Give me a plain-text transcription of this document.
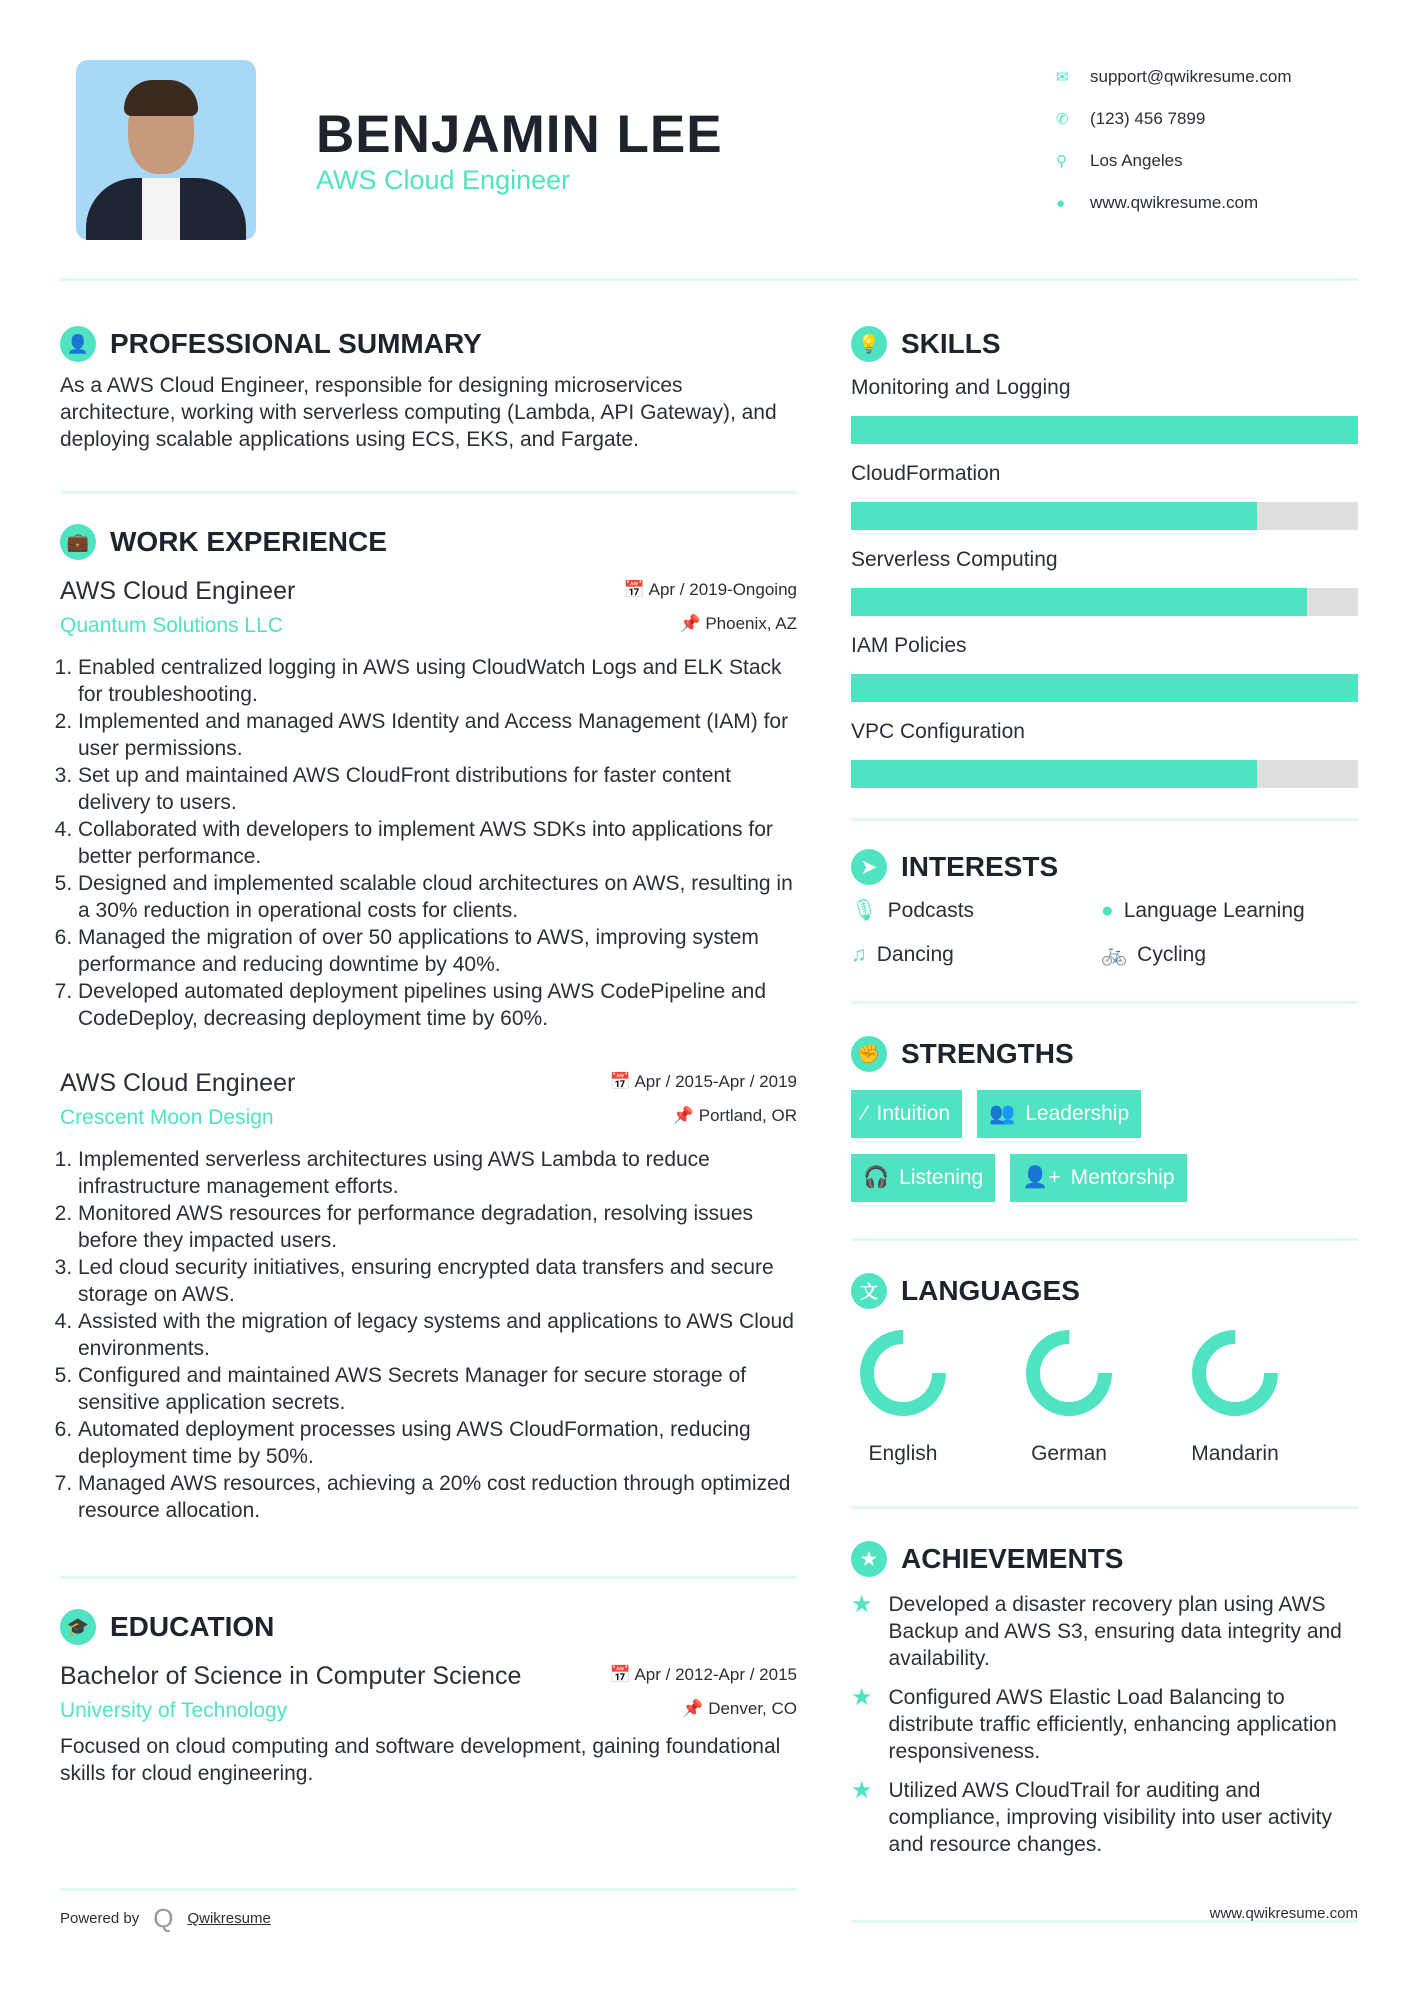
BENJAMIN LEE
AWS Cloud Engineer
✉	support@qwikresume.com
✆	(123) 456 7899
⚲	Los Angeles
●	www.qwikresume.com
👤 PROFESSIONAL SUMMARY

As a AWS Cloud Engineer, responsible for designing microservices architecture, working with serverless computing (Lambda, API Gateway), and deploying scalable applications using ECS, EKS, and Fargate.

💼 WORK EXPERIENCE
AWS Cloud Engineer
Quantum Solutions LLC
📅 Apr / 2019-Ongoing
📌 Phoenix, AZ
1. Enabled centralized logging in AWS using CloudWatch Logs and ELK Stack for troubleshooting.
2. Implemented and managed AWS Identity and Access Management (IAM) for user permissions.
3. Set up and maintained AWS CloudFront distributions for faster content delivery to users.
4. Collaborated with developers to implement AWS SDKs into applications for better performance.
5. Designed and implemented scalable cloud architectures on AWS, resulting in a 30% reduction in operational costs for clients.
6. Managed the migration of over 50 applications to AWS, improving system performance and reducing downtime by 40%.
7. Developed automated deployment pipelines using AWS CodePipeline and CodeDeploy, decreasing deployment time by 60%.
AWS Cloud Engineer
Crescent Moon Design
📅 Apr / 2015-Apr / 2019
📌 Portland, OR
1. Implemented serverless architectures using AWS Lambda to reduce infrastructure management efforts.
2. Monitored AWS resources for performance degradation, resolving issues before they impacted users.
3. Led cloud security initiatives, ensuring encrypted data transfers and secure storage on AWS.
4. Assisted with the migration of legacy systems and applications to AWS Cloud environments.
5. Configured and maintained AWS Secrets Manager for secure storage of sensitive application secrets.
6. Automated deployment processes using AWS CloudFormation, reducing deployment time by 50%.
7. Managed AWS resources, achieving a 20% cost reduction through optimized resource allocation.
🎓 EDUCATION
Bachelor of Science in Computer Science
University of Technology
📅 Apr / 2012-Apr / 2015
📌 Denver, CO

Focused on cloud computing and software development, gaining foundational skills for cloud engineering.

Powered by Q Qwikresume
💡 SKILLS
Monitoring and Logging
CloudFormation
Serverless Computing
IAM Policies
VPC Configuration
➤ INTERESTS
🎙 Podcasts	● Language Learning
♫ Dancing	🚲 Cycling
✊ STRENGTHS
⁄ Intuition 👥 Leadership
🎧 Listening 👤+ Mentorship
文 LANGUAGES
English	German	Mandarin
★ ACHIEVEMENTS
★ Developed a disaster recovery plan using AWS Backup and AWS S3, ensuring data integrity and availability.
★ Configured AWS Elastic Load Balancing to distribute traffic efficiently, enhancing application responsiveness.
★ Utilized AWS CloudTrail for auditing and compliance, improving visibility into user activity and resource changes.
www.qwikresume.com
